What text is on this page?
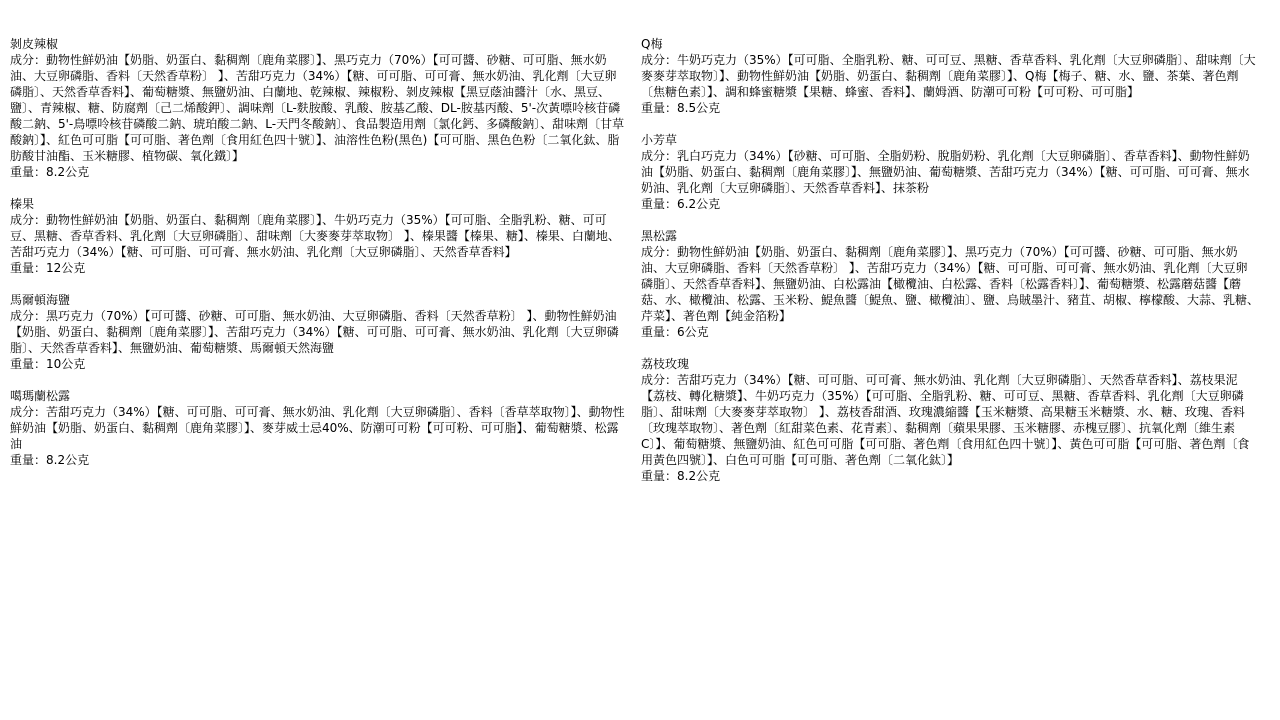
剝皮辣椒
成分：動物性鮮奶油【奶脂、奶蛋白、黏稠劑〔鹿角菜膠〕】、黑巧克力（70%）【可可醬、砂糖、可可脂、無水奶油、大豆卵磷脂、香料〔天然香草粉〕 】、苦甜巧克力（34%）【糖、可可脂、可可膏、無水奶油、乳化劑〔大豆卵磷脂〕、天然香草香料】、葡萄糖漿、無鹽奶油、白蘭地、乾辣椒、辣椒粉、剝皮辣椒【黑豆蔭油醬汁〔水、黑豆、鹽〕、青辣椒、糖、防腐劑〔己二烯酸鉀〕、調味劑〔L-麩胺酸、乳酸、胺基乙酸、DL-胺基丙酸、5'-次黃嘌呤核苷磷酸二鈉、5'-鳥嘌呤核苷磷酸二鈉、琥珀酸二鈉、L-天門冬酸鈉〕、食品製造用劑〔氯化鈣、多磷酸鈉〕、甜味劑〔甘草酸鈉〕】、紅色可可脂【可可脂、著色劑〔食用紅色四十號〕】、油溶性色粉(黑色)【可可脂、黑色色粉〔二氧化鈦、脂肪酸甘油酯、玉米糖膠、植物碳、氧化鐵〕】
重量：8.2公克
榛果
成分：動物性鮮奶油【奶脂、奶蛋白、黏稠劑〔鹿角菜膠〕】、牛奶巧克力（35%）【可可脂、全脂乳粉、糖、可可豆、黑糖、香草香料、乳化劑〔大豆卵磷脂〕、甜味劑〔大麥麥芽萃取物〕 】、榛果醬【榛果、糖】、榛果、白蘭地、苦甜巧克力（34%）【糖、可可脂、可可膏、無水奶油、乳化劑〔大豆卵磷脂〕、天然香草香料】
重量：12公克
馬爾頓海鹽
成分：黑巧克力（70%）【可可醬、砂糖、可可脂、無水奶油、大豆卵磷脂、香料〔天然香草粉〕 】、動物性鮮奶油【奶脂、奶蛋白、黏稠劑〔鹿角菜膠〕】、苦甜巧克力（34%）【糖、可可脂、可可膏、無水奶油、乳化劑〔大豆卵磷脂〕、天然香草香料】、無鹽奶油、葡萄糖漿、馬爾頓天然海鹽
重量：10公克
噶瑪蘭松露
成分：苦甜巧克力（34%）【糖、可可脂、可可膏、無水奶油、乳化劑〔大豆卵磷脂〕、香料〔香草萃取物〕】、動物性鮮奶油【奶脂、奶蛋白、黏稠劑〔鹿角菜膠〕】、麥芽威士忌40%、防潮可可粉【可可粉、可可脂】、葡萄糖漿、松露油
重量：8.2公克
Q梅
成分：牛奶巧克力（35%）【可可脂、全脂乳粉、糖、可可豆、黑糖、香草香料、乳化劑〔大豆卵磷脂〕、甜味劑〔大麥麥芽萃取物〕】、動物性鮮奶油【奶脂、奶蛋白、黏稠劑〔鹿角菜膠〕】、Q梅【梅子、糖、水、鹽、茶葉、著色劑〔焦糖色素〕】、調和蜂蜜糖漿【果糖、蜂蜜、香料】、蘭姆酒、防潮可可粉【可可粉、可可脂】
重量：8.5公克
小芳草
成分：乳白巧克力（34%）【砂糖、可可脂、全脂奶粉、脫脂奶粉、乳化劑〔大豆卵磷脂〕、香草香料】、動物性鮮奶油【奶脂、奶蛋白、黏稠劑〔鹿角菜膠〕】、無鹽奶油、葡萄糖漿、苦甜巧克力（34%）【糖、可可脂、可可膏、無水奶油、乳化劑〔大豆卵磷脂〕、天然香草香料】、抹茶粉
重量：6.2公克
黑松露
成分：動物性鮮奶油【奶脂、奶蛋白、黏稠劑〔鹿角菜膠〕】、黑巧克力（70%）【可可醬、砂糖、可可脂、無水奶油、大豆卵磷脂、香料〔天然香草粉〕 】、苦甜巧克力（34%）【糖、可可脂、可可膏、無水奶油、乳化劑〔大豆卵磷脂〕、天然香草香料】、無鹽奶油、白松露油【橄欖油、白松露、香料〔松露香料〕】、葡萄糖漿、松露蘑菇醬【蘑菇、水、橄欖油、松露、玉米粉、鯷魚醬〔鯷魚、鹽、橄欖油〕、鹽、烏賊墨汁、豬苴、胡椒、檸檬酸、大蒜、乳糖、芹菜】、著色劑【純金箔粉】
重量：6公克
荔枝玫瑰
成分：苦甜巧克力（34%）【糖、可可脂、可可膏、無水奶油、乳化劑〔大豆卵磷脂〕、天然香草香料】、荔枝果泥【荔枝、轉化糖漿】、牛奶巧克力（35%）【可可脂、全脂乳粉、糖、可可豆、黑糖、香草香料、乳化劑〔大豆卵磷脂〕、甜味劑〔大麥麥芽萃取物〕 】、荔枝香甜酒、玫瑰濃縮醬【玉米糖漿、高果糖玉米糖漿、水、糖、玫瑰、香料〔玫瑰萃取物〕、著色劑〔紅甜菜色素、花青素〕、黏稠劑〔蘋果果膠、玉米糖膠、赤槐豆膠〕、抗氧化劑〔維生素C〕】、葡萄糖漿、無鹽奶油、紅色可可脂【可可脂、著色劑〔食用紅色四十號〕】、黃色可可脂【可可脂、著色劑〔食用黃色四號〕】、白色可可脂【可可脂、著色劑〔二氧化鈦〕】
重量：8.2公克
